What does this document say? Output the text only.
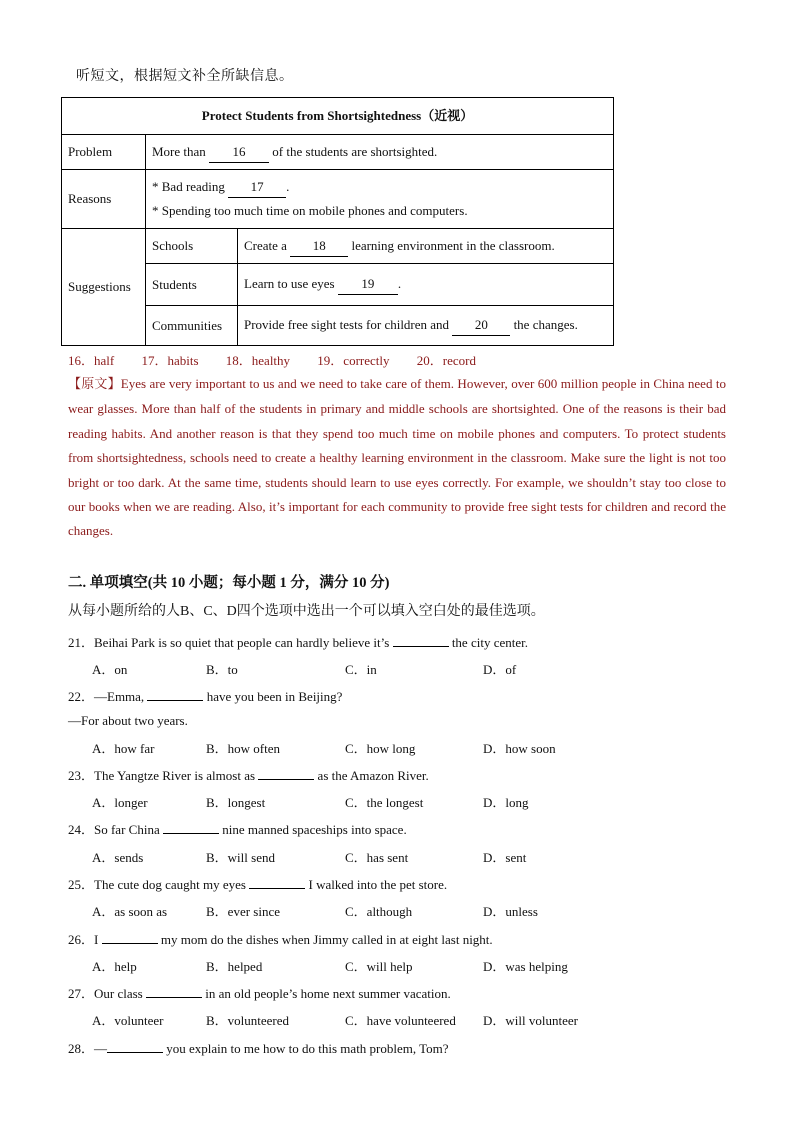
听短文，根据短文补全所缺信息。
Protect Students from Shortsightedness（近视）		
Problem	More than 16 of the students are shortsighted.	
Reasons	* Bad reading 17 .
* Spending too much time on mobile phones and computers.	

Suggestions	Schools	Create a 18 learning environment in the classroom.
	Students	Learn to use eyes 19 .
	Communities	Provide free sight tests for children and 20 the changes.
16．half 17．habits 18．healthy 19．correctly 20．record
【原文】Eyes are very important to us and we need to take care of them. However, over 600 million people in China need to wear glasses. More than half of the students in primary and middle schools are shortsighted. One of the reasons is their bad reading habits. And another reason is that they spend too much time on mobile phones and computers. To protect students from shortsightedness, schools need to create a healthy learning environment in the classroom. Make sure the light is not too bright or too dark. At the same time, students should learn to use eyes correctly. For example, we shouldn’t stay too close to our books when we are reading. Also, it’s important for each community to provide free sight tests for children and record the changes.
二. 单项填空(共 10 小题；每小题 1 分，满分 10 分)
从每小题所给的人B、C、D四个选项中选出一个可以填入空白处的最佳选项。
21．Beihai Park is so quiet that people can hardly believe it’s	the city center.
A．on	B．to	C．in	D．of
22．—Emma,	have you been in Beijing?
—For about two years.
A．how far	B．how often	C．how long	D．how soon
23．The Yangtze River is almost as	as the Amazon River.
A．longer	B．longest	C．the longest	D．long
24．So far China	nine manned spaceships into space.
A．sends	B．will send	C．has sent	D．sent
25．The cute dog caught my eyes	I walked into the pet store.
A．as soon as	B．ever since	C．although	D．unless
26．I	my mom do the dishes when Jimmy called in at eight last night.
A．help	B．helped	C．will help	D．was helping
27．Our class	in an old people’s home next summer vacation.
A．volunteer	B．volunteered	C．have volunteered D．will volunteer
28．—	you explain to me how to do this math problem, Tom?
